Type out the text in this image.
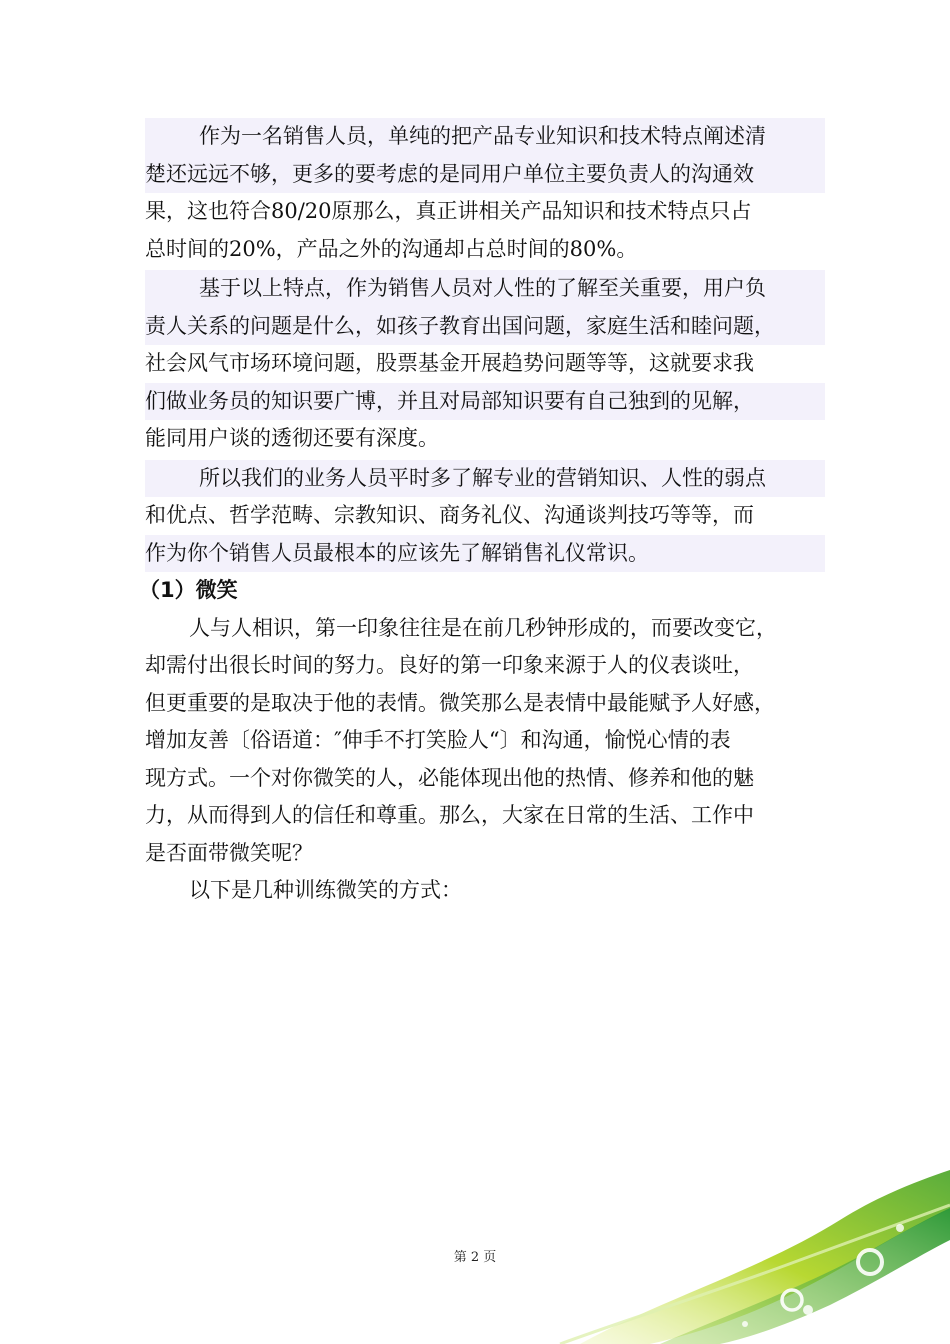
作为一名销售人员，单纯的把产品专业知识和技术特点阐述清
楚还远远不够，更多的要考虑的是同用户单位主要负责人的沟通效
果，这也符合80/20原那么，真正讲相关产品知识和技术特点只占
总时间的20%，产品之外的沟通却占总时间的80%。
基于以上特点，作为销售人员对人性的了解至关重要，用户负
责人关系的问题是什么，如孩子教育出国问题，家庭生活和睦问题，
社会风气市场环境问题，股票基金开展趋势问题等等，这就要求我
们做业务员的知识要广博，并且对局部知识要有自己独到的见解，
能同用户谈的透彻还要有深度。
所以我们的业务人员平时多了解专业的营销知识、人性的弱点
和优点、哲学范畴、宗教知识、商务礼仪、沟通谈判技巧等等，而
作为你个销售人员最根本的应该先了解销售礼仪常识。
（1）微笑
人与人相识，第一印象往往是在前几秒钟形成的，而要改变它，
却需付出很长时间的努力。良好的第一印象来源于人的仪表谈吐，
但更重要的是取决于他的表情。微笑那么是表情中最能赋予人好感，
增加友善〔俗语道：″伸手不打笑脸人“〕和沟通，愉悦心情的表
现方式。一个对你微笑的人，必能体现出他的热情、修养和他的魅
力，从而得到人的信任和尊重。那么，大家在日常的生活、工作中
是否面带微笑呢？
以下是几种训练微笑的方式：
第 2 页
